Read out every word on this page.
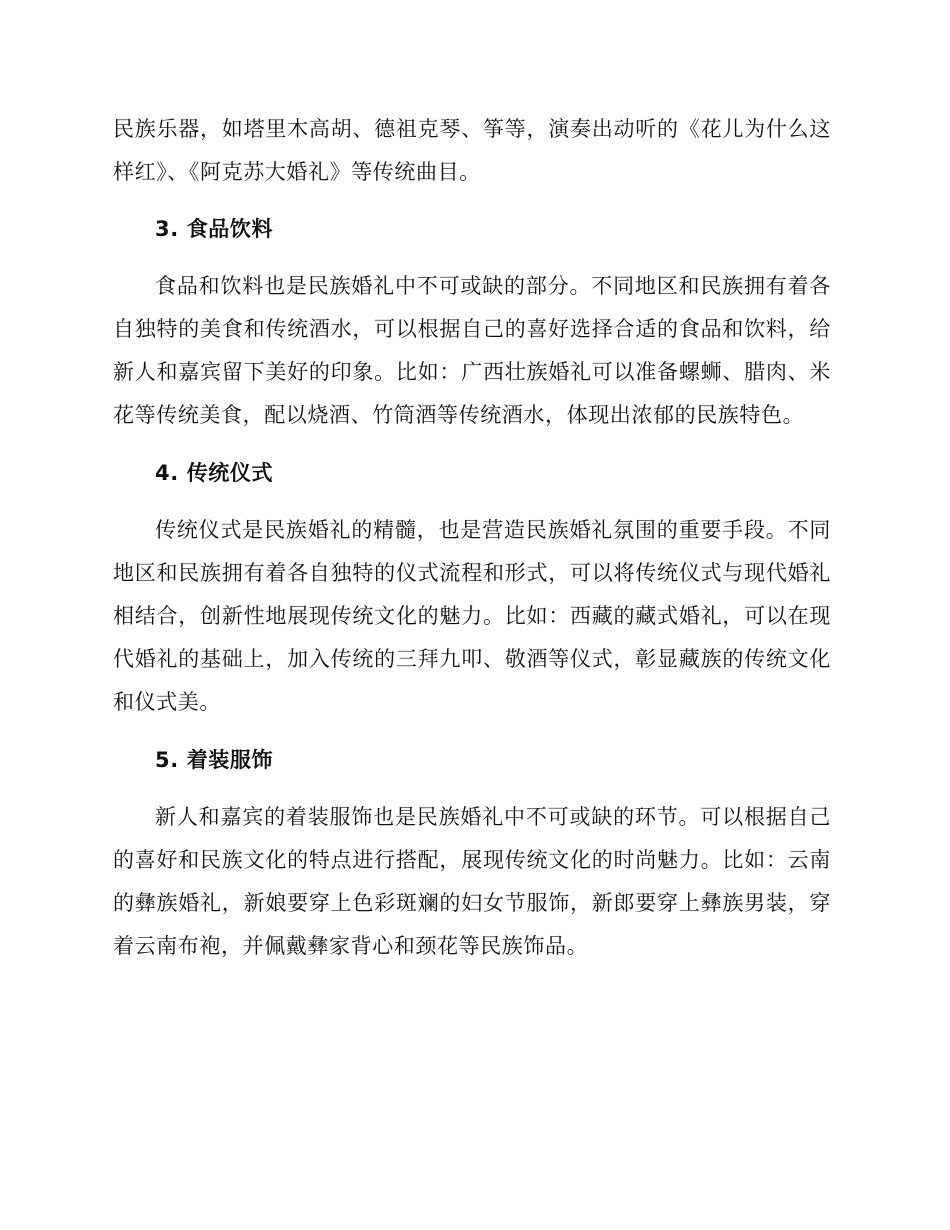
民族乐器，如塔里木高胡、德祖克琴、筝等，演奏出动听的《花儿为什么这样红》、《阿克苏大婚礼》等传统曲目。

3. 食品饮料

食品和饮料也是民族婚礼中不可或缺的部分。不同地区和民族拥有着各自独特的美食和传统酒水，可以根据自己的喜好选择合适的食品和饮料，给新人和嘉宾留下美好的印象。比如：广西壮族婚礼可以准备螺蛳、腊肉、米花等传统美食，配以烧酒、竹筒酒等传统酒水，体现出浓郁的民族特色。

4. 传统仪式

传统仪式是民族婚礼的精髓，也是营造民族婚礼氛围的重要手段。不同地区和民族拥有着各自独特的仪式流程和形式，可以将传统仪式与现代婚礼相结合，创新性地展现传统文化的魅力。比如：西藏的藏式婚礼，可以在现代婚礼的基础上，加入传统的三拜九叩、敬酒等仪式，彰显藏族的传统文化和仪式美。

5. 着装服饰

新人和嘉宾的着装服饰也是民族婚礼中不可或缺的环节。可以根据自己的喜好和民族文化的特点进行搭配，展现传统文化的时尚魅力。比如：云南的彝族婚礼，新娘要穿上色彩斑斓的妇女节服饰，新郎要穿上彝族男装，穿着云南布袍，并佩戴彝家背心和颈花等民族饰品。
